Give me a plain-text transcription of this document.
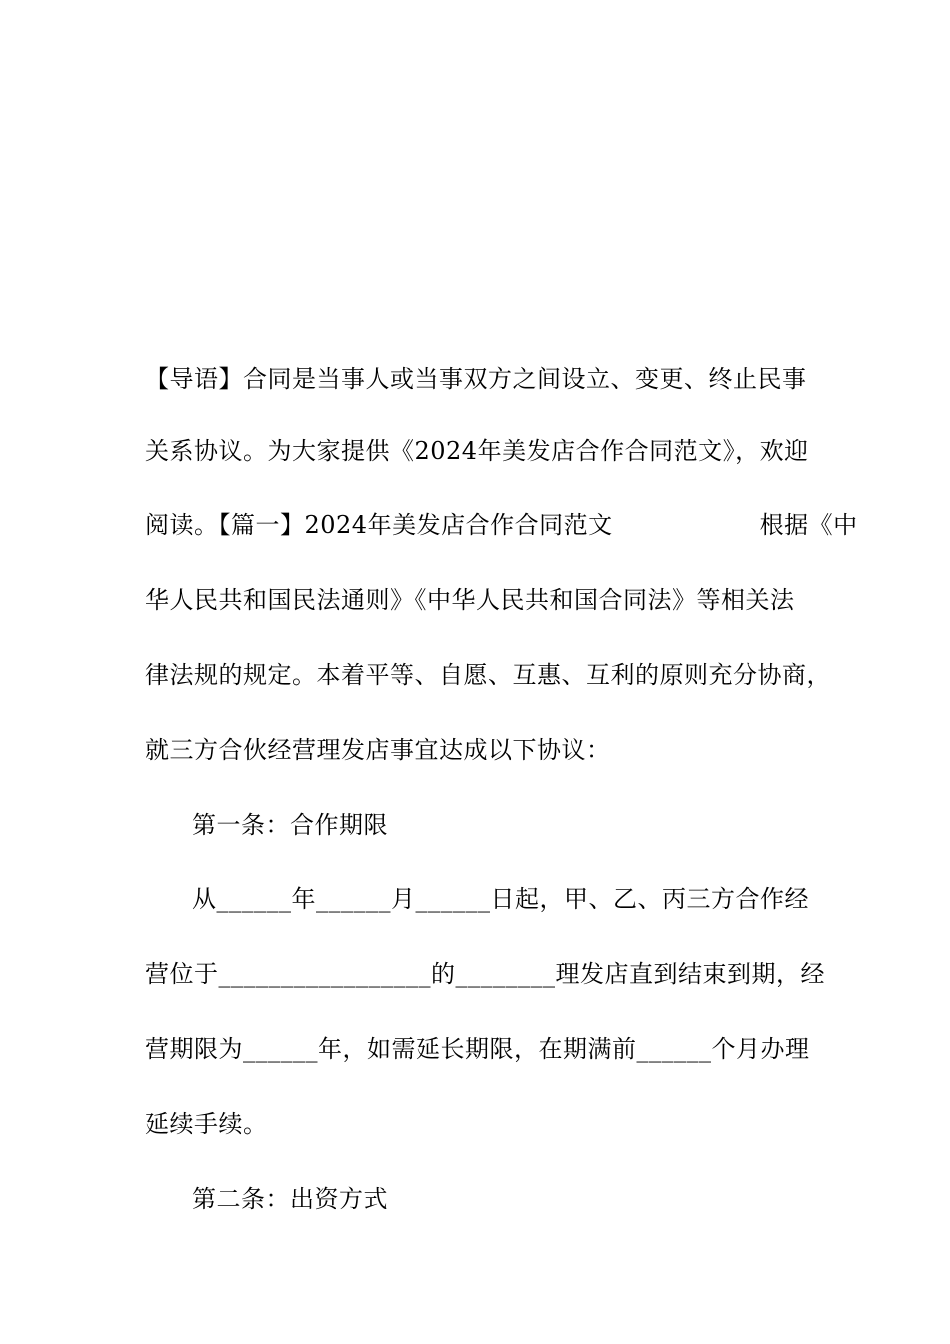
【导语】合同是当事人或当事双方之间设立、变更、终止民事
关系协议。为大家提供《2024年美发店合作合同范文》，欢迎
阅读。【篇一】2024年美发店合作合同范文　　　　　　根据《中
华人民共和国民法通则》《中华人民共和国合同法》等相关法
律法规的规定。本着平等、自愿、互惠、互利的原则充分协商，
就三方合伙经营理发店事宜达成以下协议：
第一条：合作期限
从______年______月______日起，甲、乙、丙三方合作经
营位于_________________的________理发店直到结束到期，经
营期限为______年，如需延长期限，在期满前______个月办理
延续手续。
第二条：出资方式
